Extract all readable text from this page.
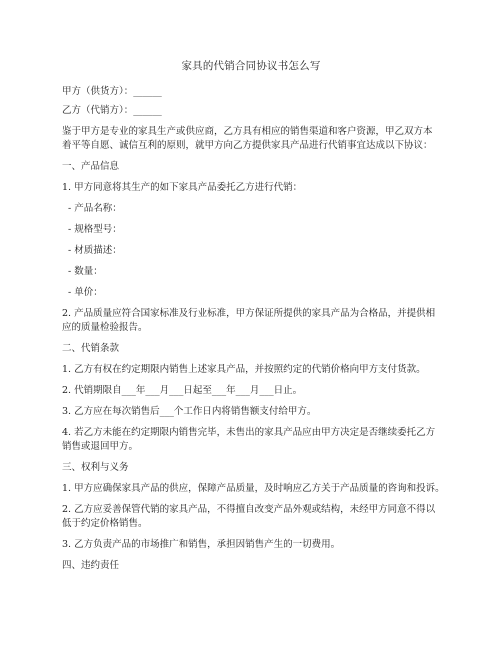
家具的代销合同协议书怎么写
甲方（供货方）：______
乙方（代销方）：______
鉴于甲方是专业的家具生产或供应商，乙方具有相应的销售渠道和客户资源，甲乙双方本
着平等自愿、诚信互利的原则，就甲方向乙方提供家具产品进行代销事宜达成以下协议：
一、产品信息
1. 甲方同意将其生产的如下家具产品委托乙方进行代销：
- 产品名称：
- 规格型号：
- 材质描述：
- 数量：
- 单价：
2. 产品质量应符合国家标准及行业标准，甲方保证所提供的家具产品为合格品，并提供相
应的质量检验报告。
二、代销条款
1. 乙方有权在约定期限内销售上述家具产品，并按照约定的代销价格向甲方支付货款。
2. 代销期限自___年___月___日起至___年___月___日止。
3. 乙方应在每次销售后___个工作日内将销售额支付给甲方。
4. 若乙方未能在约定期限内销售完毕，未售出的家具产品应由甲方决定是否继续委托乙方
销售或退回甲方。
三、权利与义务
1. 甲方应确保家具产品的供应，保障产品质量，及时响应乙方关于产品质量的咨询和投诉。
2. 乙方应妥善保管代销的家具产品，不得擅自改变产品外观或结构，未经甲方同意不得以
低于约定价格销售。
3. 乙方负责产品的市场推广和销售，承担因销售产生的一切费用。
四、违约责任
